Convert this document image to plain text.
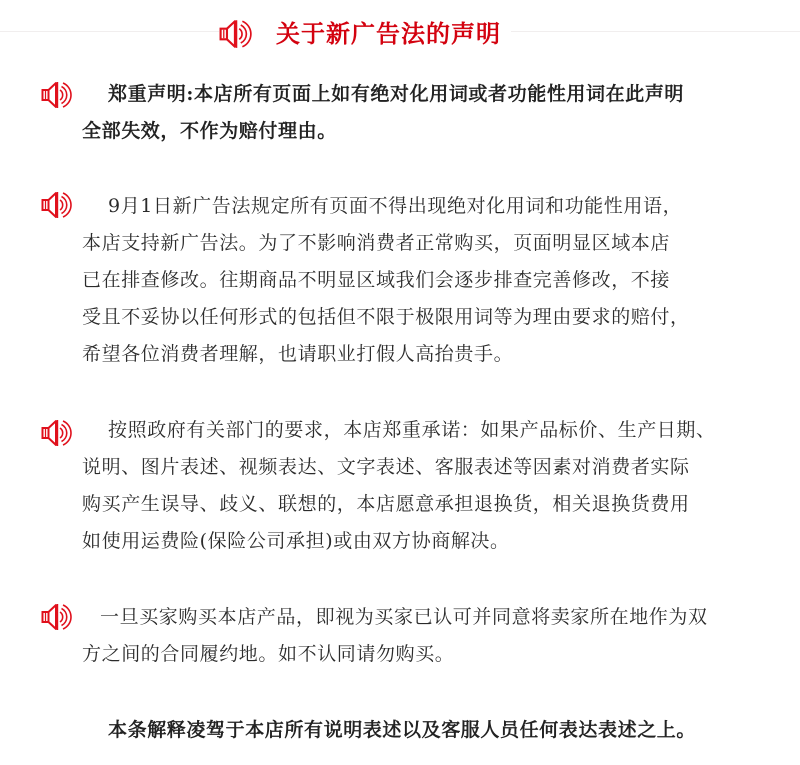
关于新广告法的声明
郑重声明:本店所有页面上如有绝对化用词或者功能性用词在此声明
全部失效，不作为赔付理由。
9月1日新广告法规定所有页面不得出现绝对化用词和功能性用语，
本店支持新广告法。为了不影响消费者正常购买，页面明显区域本店
已在排查修改。往期商品不明显区域我们会逐步排查完善修改，不接
受且不妥协以任何形式的包括但不限于极限用词等为理由要求的赔付，
希望各位消费者理解，也请职业打假人高抬贵手。
按照政府有关部门的要求，本店郑重承诺：如果产品标价、生产日期、
说明、图片表述、视频表达、文字表述、客服表述等因素对消费者实际
购买产生误导、歧义、联想的，本店愿意承担退换货，相关退换货费用
如使用运费险(保险公司承担)或由双方协商解决。
一旦买家购买本店产品，即视为买家已认可并同意将卖家所在地作为双
方之间的合同履约地。如不认同请勿购买。
本条解释凌驾于本店所有说明表述以及客服人员任何表达表述之上。
